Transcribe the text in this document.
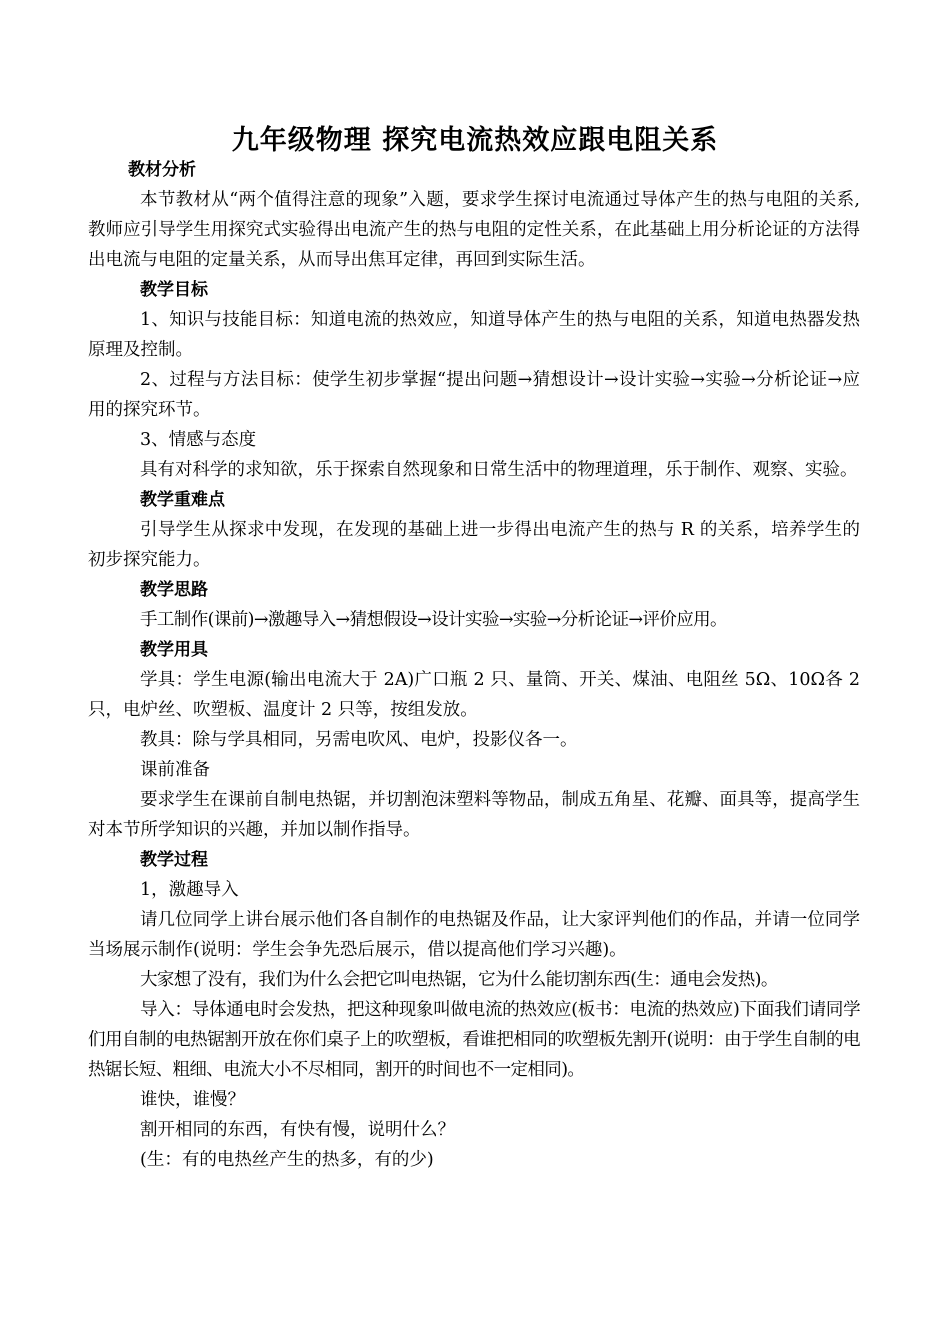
九年级物理 探究电流热效应跟电阻关系
教材分析

本节教材从“两个值得注意的现象”入题，要求学生探讨电流通过导体产生的热与电阻的关系,教师应引导学生用探究式实验得出电流产生的热与电阻的定性关系，在此基础上用分析论证的方法得出电流与电阻的定量关系，从而导出焦耳定律，再回到实际生活。

教学目标

1、知识与技能目标：知道电流的热效应，知道导体产生的热与电阻的关系，知道电热器发热原理及控制。

2、过程与方法目标：使学生初步掌握“提出问题→猜想设计→设计实验→实验→分析论证→应用的探究环节。

3、情感与态度

具有对科学的求知欲，乐于探索自然现象和日常生活中的物理道理，乐于制作、观察、实验。

教学重难点

引导学生从探求中发现，在发现的基础上进一步得出电流产生的热与 R 的关系，培养学生的初步探究能力。

教学思路

手工制作(课前)→激趣导入→猜想假设→设计实验→实验→分析论证→评价应用。

教学用具

学具：学生电源(输出电流大于 2A)广口瓶 2 只、量筒、开关、煤油、电阻丝 5Ω、10Ω各 2 只，电炉丝、吹塑板、温度计 2 只等，按组发放。

教具：除与学具相同，另需电吹风、电炉，投影仪各一。

课前准备

要求学生在课前自制电热锯，并切割泡沫塑料等物品，制成五角星、花瓣、面具等，提高学生对本节所学知识的兴趣，并加以制作指导。

教学过程

1，激趣导入

请几位同学上讲台展示他们各自制作的电热锯及作品，让大家评判他们的作品，并请一位同学当场展示制作(说明：学生会争先恐后展示，借以提高他们学习兴趣)。

大家想了没有，我们为什么会把它叫电热锯，它为什么能切割东西(生：通电会发热)。

导入：导体通电时会发热，把这种现象叫做电流的热效应(板书：电流的热效应)下面我们请同学们用自制的电热锯割开放在你们桌子上的吹塑板，看谁把相同的吹塑板先割开(说明：由于学生自制的电热锯长短、粗细、电流大小不尽相同，割开的时间也不一定相同)。

谁快，谁慢？

割开相同的东西，有快有慢，说明什么？

(生：有的电热丝产生的热多，有的少)
